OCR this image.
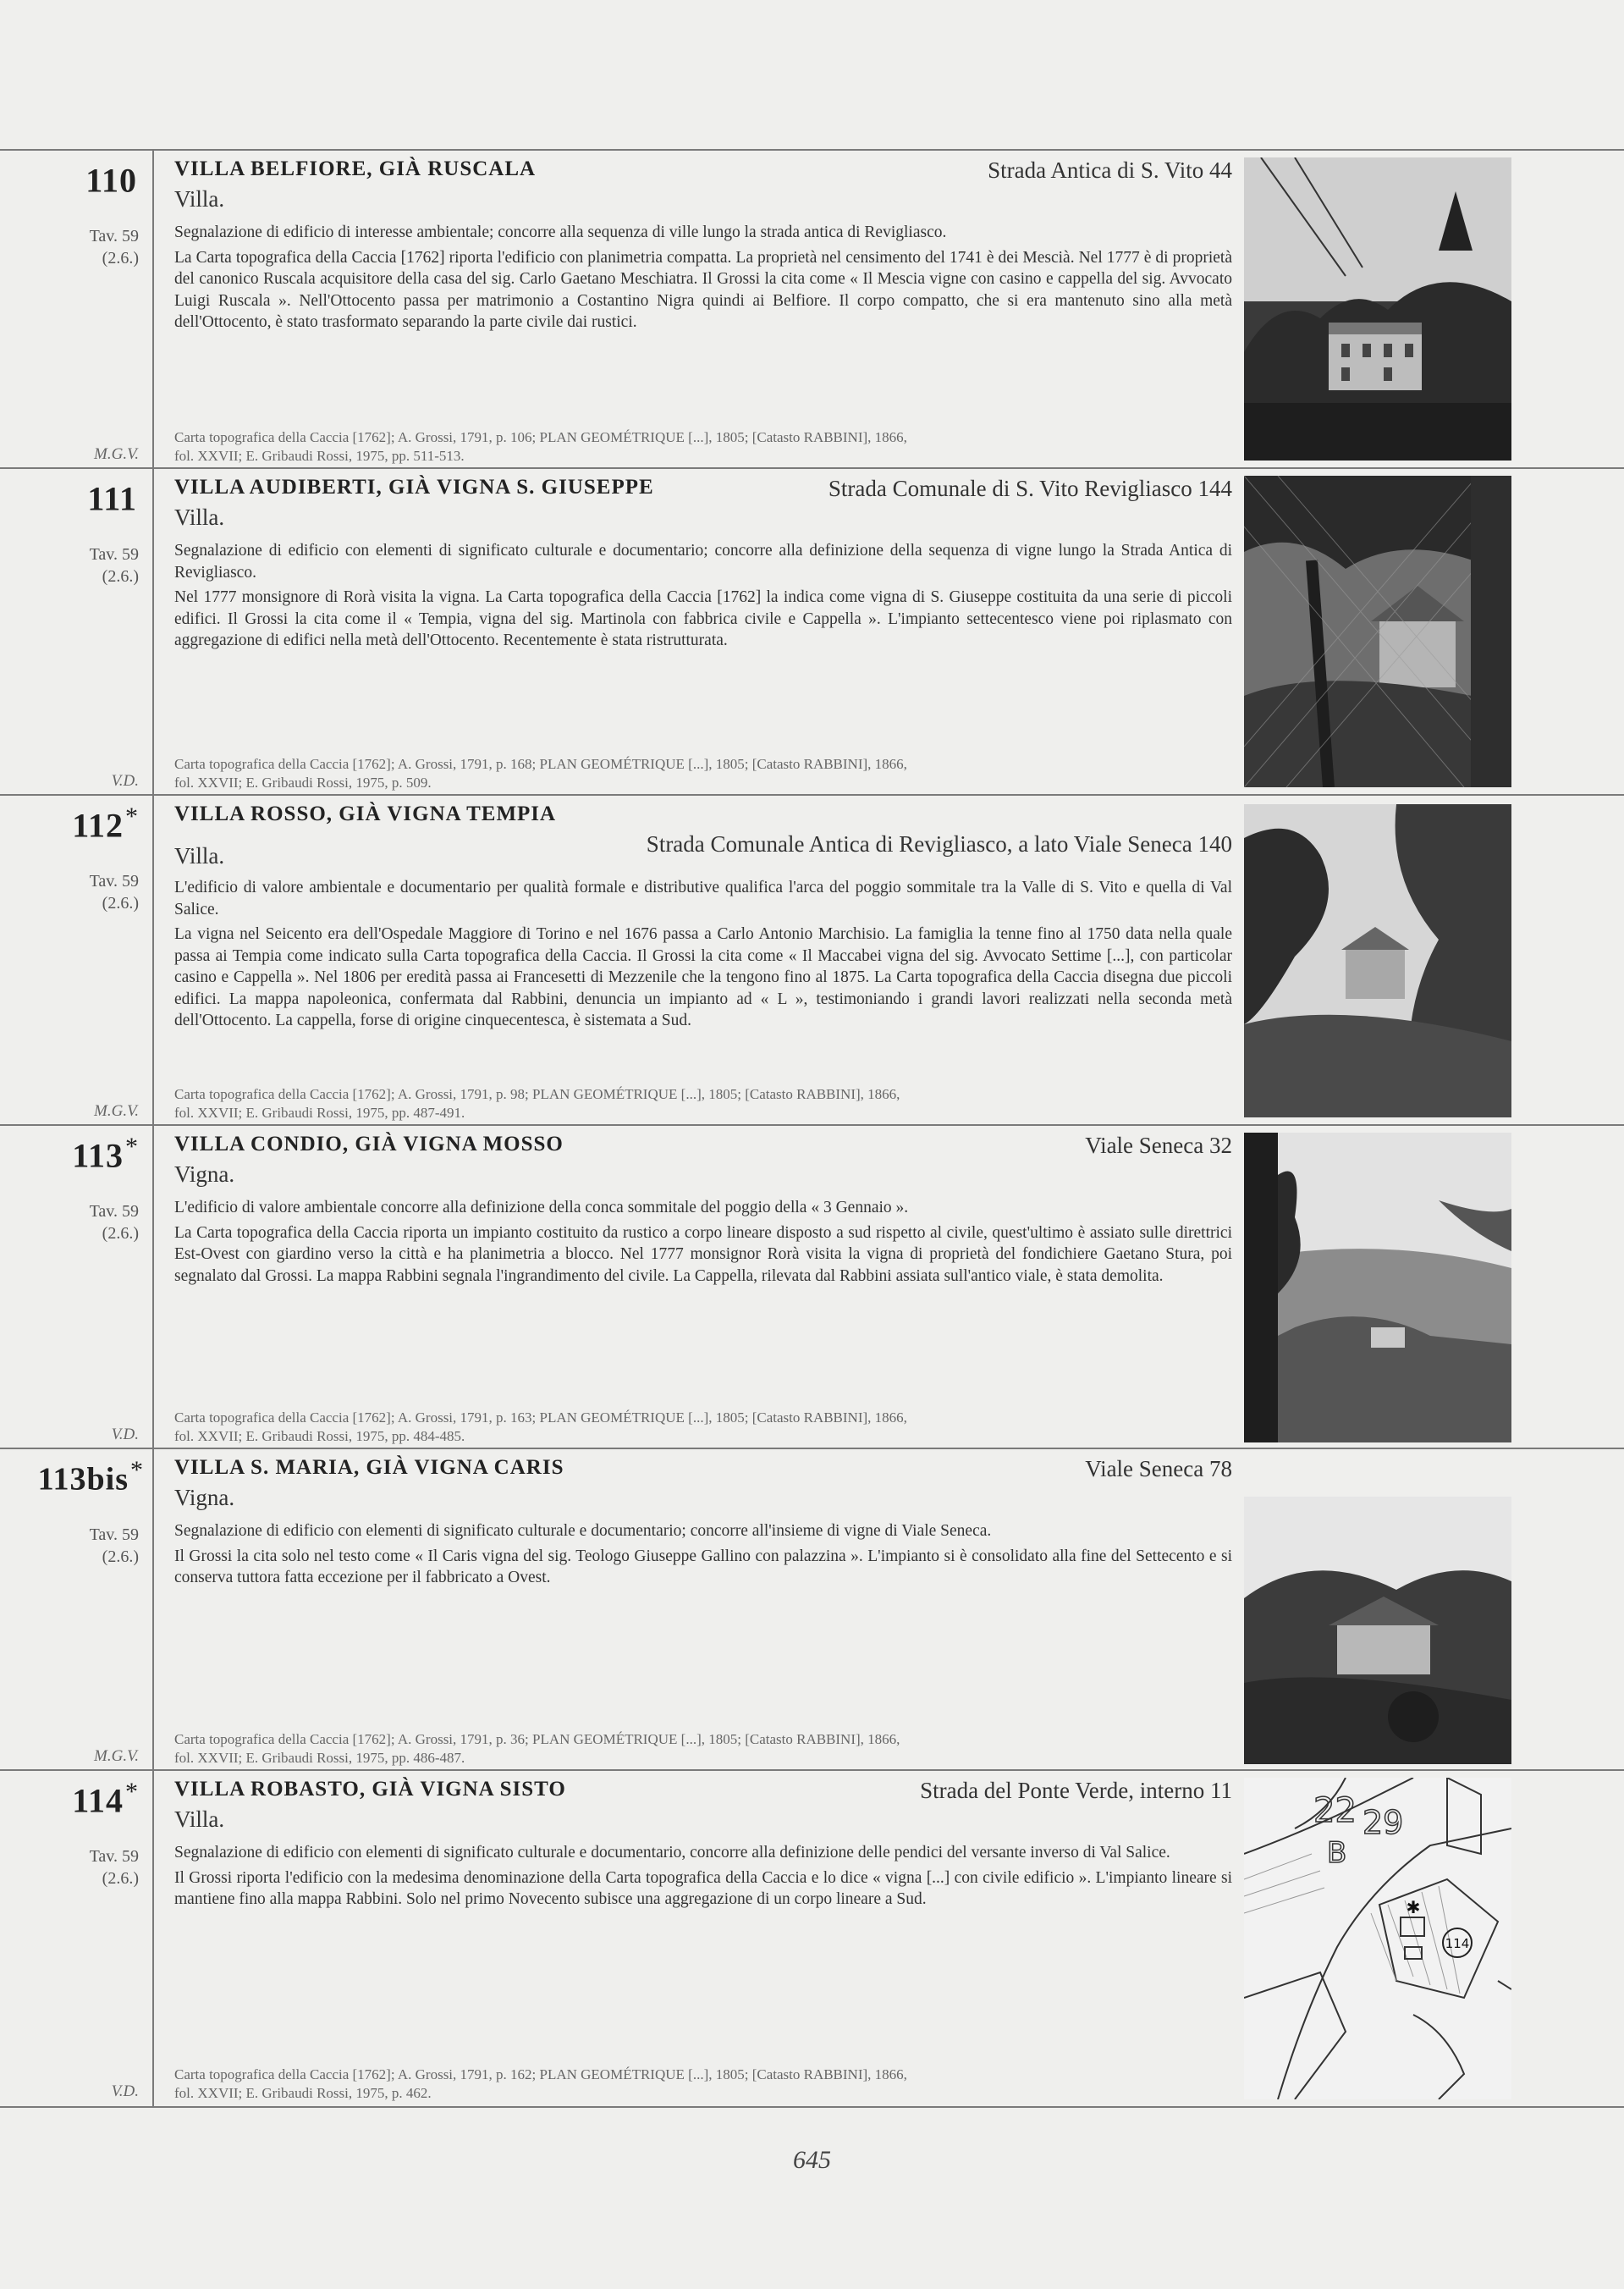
110
Tav. 59
(2.6.)
M.G.V.
VILLA BELFIORE, GIÀ RUSCALA	Strada Antica di S. Vito 44
Villa.

Segnalazione di edificio di interesse ambientale; concorre alla sequenza di ville lungo la strada antica di Revigliasco.

La Carta topografica della Caccia [1762] riporta l'edificio con planimetria compatta. La proprietà nel censimento del 1741 è dei Mescià. Nel 1777 è di proprietà del canonico Ruscala acquisitore della casa del sig. Carlo Gaetano Meschiatra. Il Grossi la cita come « Il Mescia vigne con casino e cappella del sig. Avvocato Luigi Ruscala ». Nell'Ottocento passa per matrimonio a Costantino Nigra quindi ai Belfiore. Il corpo compatto, che si era mantenuto sino alla metà dell'Ottocento, è stato trasformato separando la parte civile dai rustici.

Carta topografica della Caccia [1762]; A. Grossi, 1791, p. 106; PLAN GEOMÉTRIQUE [...], 1805; [Catasto RABBINI], 1866,
fol. XXVII; E. Gribaudi Rossi, 1975, pp. 511-513.
111
Tav. 59
(2.6.)
V.D.
VILLA AUDIBERTI, GIÀ VIGNA S. GIUSEPPE	Strada Comunale di S. Vito Revigliasco 144
Villa.

Segnalazione di edificio con elementi di significato culturale e documentario; concorre alla definizione della sequenza di vigne lungo la Strada Antica di Revigliasco.

Nel 1777 monsignore di Rorà visita la vigna. La Carta topografica della Caccia [1762] la indica come vigna di S. Giuseppe costituita da una serie di piccoli edifici. Il Grossi la cita come il « Tempia, vigna del sig. Martinola con fabbrica civile e Cappella ». L'impianto settecentesco viene poi riplasmato con aggregazione di edifici nella metà dell'Ottocento. Recentemente è stata ristrutturata.

Carta topografica della Caccia [1762]; A. Grossi, 1791, p. 168; PLAN GEOMÉTRIQUE [...], 1805; [Catasto RABBINI], 1866,
fol. XXVII; E. Gribaudi Rossi, 1975, p. 509.
112*
Tav. 59
(2.6.)
M.G.V.
VILLA ROSSO, GIÀ VIGNA TEMPIA
Strada Comunale Antica di Revigliasco, a lato Viale Seneca 140
Villa.

L'edificio di valore ambientale e documentario per qualità formale e distributive qualifica l'arca del poggio sommitale tra la Valle di S. Vito e quella di Val Salice.

La vigna nel Seicento era dell'Ospedale Maggiore di Torino e nel 1676 passa a Carlo Antonio Marchisio. La famiglia la tenne fino al 1750 data nella quale passa ai Tempia come indicato sulla Carta topografica della Caccia. Il Grossi la cita come « Il Maccabei vigna del sig. Avvocato Settime [...], con particolar casino e Cappella ». Nel 1806 per eredità passa ai Francesetti di Mezzenile che la tengono fino al 1875. La Carta topografica della Caccia disegna due piccoli edifici. La mappa napoleonica, confermata dal Rabbini, denuncia un impianto ad « L », testimoniando i grandi lavori realizzati nella seconda metà dell'Ottocento. La cappella, forse di origine cinquecentesca, è sistemata a Sud.

Carta topografica della Caccia [1762]; A. Grossi, 1791, p. 98; PLAN GEOMÉTRIQUE [...], 1805; [Catasto RABBINI], 1866,
fol. XXVII; E. Gribaudi Rossi, 1975, pp. 487-491.
113*
Tav. 59
(2.6.)
V.D.
VILLA CONDIO, GIÀ VIGNA MOSSO	Viale Seneca 32
Vigna.

L'edificio di valore ambientale concorre alla definizione della conca sommitale del poggio della « 3 Gennaio ».

La Carta topografica della Caccia riporta un impianto costituito da rustico a corpo lineare disposto a sud rispetto al civile, quest'ultimo è assiato sulle direttrici Est-Ovest con giardino verso la città e ha planimetria a blocco. Nel 1777 monsignor Rorà visita la vigna di proprietà del fondichiere Gaetano Stura, poi segnalato dal Grossi. La mappa Rabbini segnala l'ingrandimento del civile. La Cappella, rilevata dal Rabbini assiata sull'antico viale, è stata demolita.

Carta topografica della Caccia [1762]; A. Grossi, 1791, p. 163; PLAN GEOMÉTRIQUE [...], 1805; [Catasto RABBINI], 1866,
fol. XXVII; E. Gribaudi Rossi, 1975, pp. 484-485.
113bis*
Tav. 59
(2.6.)
M.G.V.
VILLA S. MARIA, GIÀ VIGNA CARIS	Viale Seneca 78
Vigna.

Segnalazione di edificio con elementi di significato culturale e documentario; concorre all'insieme di vigne di Viale Seneca.

Il Grossi la cita solo nel testo come « Il Caris vigna del sig. Teologo Giuseppe Gallino con palazzina ». L'impianto si è consolidato alla fine del Settecento e si conserva tuttora fatta eccezione per il fabbricato a Ovest.

Carta topografica della Caccia [1762]; A. Grossi, 1791, p. 36; PLAN GEOMÉTRIQUE [...], 1805; [Catasto RABBINI], 1866,
fol. XXVII; E. Gribaudi Rossi, 1975, pp. 486-487.
114*
Tav. 59
(2.6.)
V.D.
VILLA ROBASTO, GIÀ VIGNA SISTO	Strada del Ponte Verde, interno 11
Villa.

Segnalazione di edificio con elementi di significato culturale e documentario, concorre alla definizione delle pendici del versante inverso di Val Salice.

Il Grossi riporta l'edificio con la medesima denominazione della Carta topografica della Caccia e lo dice « vigna [...] con civile edificio ». L'impianto lineare si mantiene fino alla mappa Rabbini. Solo nel primo Novecento subisce una aggregazione di un corpo lineare a Sud.

Carta topografica della Caccia [1762]; A. Grossi, 1791, p. 162; PLAN GEOMÉTRIQUE [...], 1805; [Catasto RABBINI], 1866,
fol. XXVII; E. Gribaudi Rossi, 1975, p. 462.
✱
114
22 29
B
645
